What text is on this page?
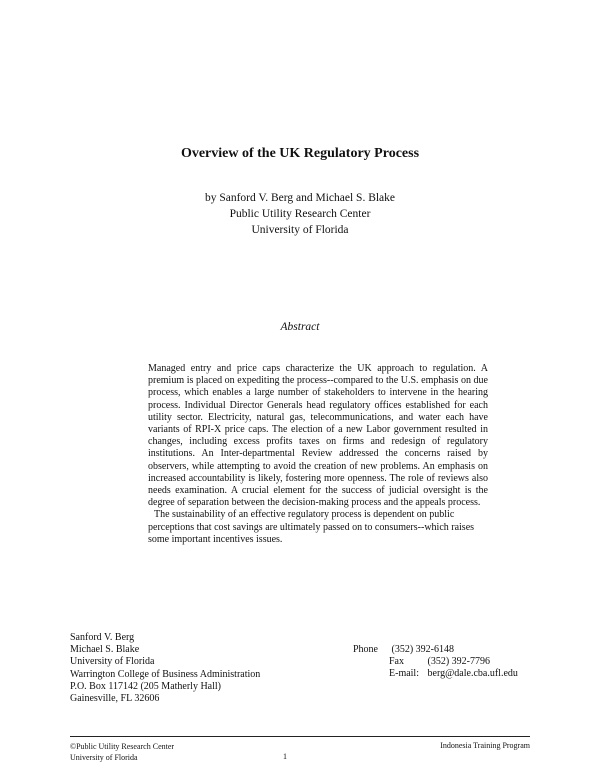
Overview of the UK Regulatory Process
by Sanford V. Berg and Michael S. Blake
Public Utility Research Center
University of Florida
Abstract
Managed entry and price caps characterize the UK approach to regulation. A premium is placed on expediting the process--compared to the U.S. emphasis on due process, which enables a large number of stakeholders to intervene in the hearing process. Individual Director Generals head regulatory offices established for each utility sector. Electricity, natural gas, telecommunications, and water each have variants of RPI-X price caps. The election of a new Labor government resulted in changes, including excess profits taxes on firms and redesign of regulatory institutions. An Inter-departmental Review addressed the concerns raised by observers, while attempting to avoid the creation of new problems. An emphasis on increased accountability is likely, fostering more openness. The role of reviews also needs examination. A crucial element for the success of judicial oversight is the degree of separation between the decision-making process and the appeals process.
The sustainability of an effective regulatory process is dependent on public perceptions that cost savings are ultimately passed on to consumers--which raises some important incentives issues.
Sanford V. Berg
Michael S. Blake
University of Florida
Warrington College of Business Administration
P.O. Box 117142 (205 Matherly Hall)
Gainesville, FL 32606
Phone (352) 392-6148
Fax (352) 392-7796
E-mail: berg@dale.cba.ufl.edu
©Public Utility Research Center
University of Florida
Indonesia Training Program
1
